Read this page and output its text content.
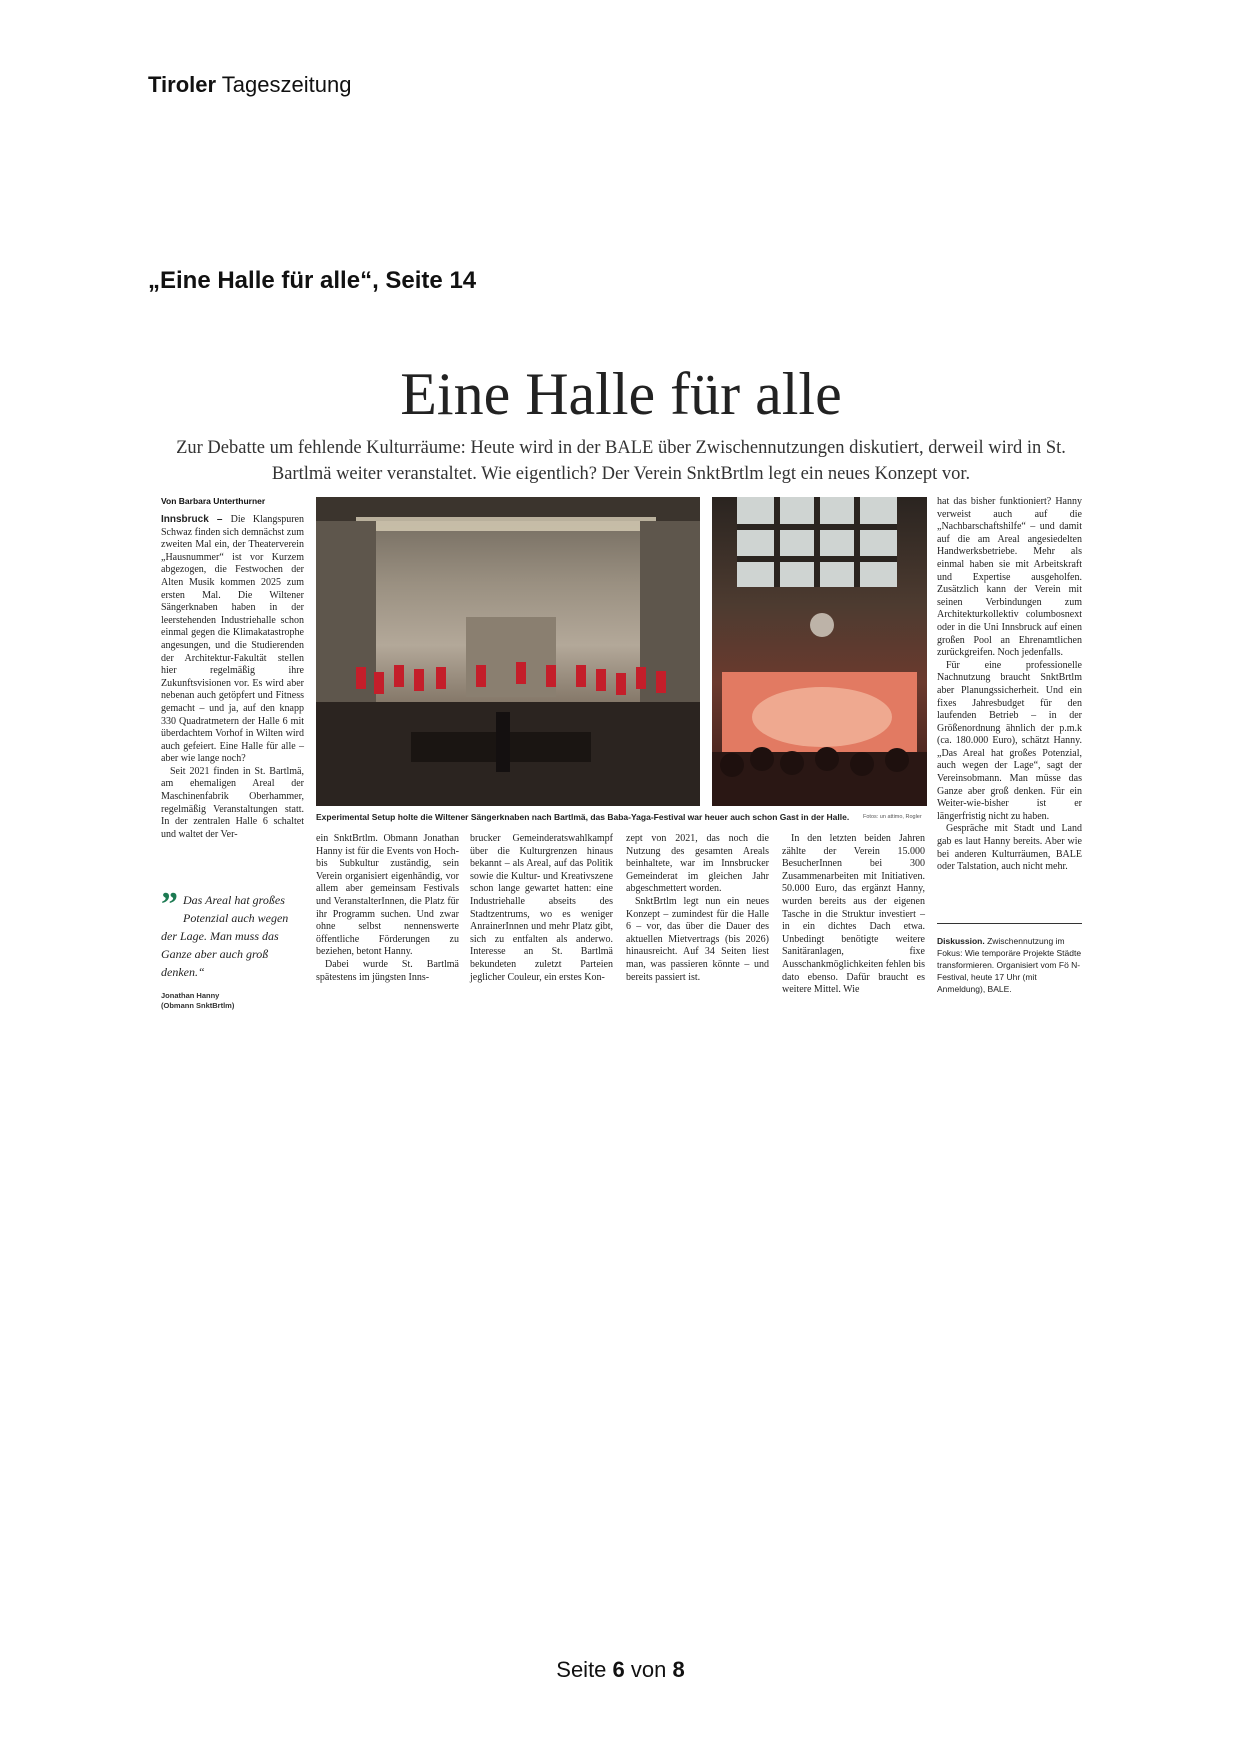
Tiroler Tageszeitung
„Eine Halle für alle“, Seite 14
Eine Halle für alle
Zur Debatte um fehlende Kulturräume: Heute wird in der BALE über Zwischennutzungen diskutiert, derweil wird in St. Bartlmä weiter veranstaltet. Wie eigentlich? Der Verein SnktBrtlm legt ein neues Konzept vor.
Von Barbara Unterthurner

Innsbruck – Die Klangspuren Schwaz finden sich demnächst zum zweiten Mal ein, der Theaterverein „Hausnummer“ ist vor Kurzem abgezogen, die Festwochen der Alten Musik kommen 2025 zum ersten Mal. Die Wiltener Sängerknaben haben in der leerstehenden Industriehalle schon einmal gegen die Klimakatastrophe angesungen, und die Studierenden der Architektur-Fakultät stellen hier regelmäßig ihre Zukunftsvisionen vor. Es wird aber nebenan auch getöpfert und Fitness gemacht – und ja, auf den knapp 330 Quadratmetern der Halle 6 mit überdachtem Vorhof in Wilten wird auch gefeiert. Eine Halle für alle – aber wie lange noch?

Seit 2021 finden in St. Bartlmä, am ehemaligen Areal der Maschinenfabrik Oberhammer, regelmäßig Veranstaltungen statt. In der zentralen Halle 6 schaltet und waltet der Ver-

” Das Areal hat großes Potenzial auch wegen der Lage. Man muss das Ganze aber auch groß denken.“
Jonathan Hanny
(Obmann SnktBrtlm)
Experimental Setup holte die Wiltener Sängerknaben nach Bartlmä, das Baba-Yaga-Festival war heuer auch schon Gast in der Halle.	Fotos: un attimo, Rogler

ein SnktBrtlm. Obmann Jonathan Hanny ist für die Events von Hoch- bis Subkultur zuständig, sein Verein organisiert eigenhändig, vor allem aber gemeinsam Festivals und VeranstalterInnen, die Platz für ihr Programm suchen. Und zwar ohne selbst nennenswerte öffentliche Förderungen zu beziehen, betont Hanny.

Dabei wurde St. Bartlmä spätestens im jüngsten Inns-

brucker Gemeinderatswahlkampf über die Kulturgrenzen hinaus bekannt – als Areal, auf das Politik sowie die Kultur- und Kreativszene schon lange gewartet hatten: eine Industriehalle abseits des Stadtzentrums, wo es weniger AnrainerInnen und mehr Platz gibt, sich zu entfalten als anderwo. Interesse an St. Bartlmä bekundeten zuletzt Parteien jeglicher Couleur, ein erstes Kon-

zept von 2021, das noch die Nutzung des gesamten Areals beinhaltete, war im Innsbrucker Gemeinderat im gleichen Jahr abgeschmettert worden.

SnktBrtlm legt nun ein neues Konzept – zumindest für die Halle 6 – vor, das über die Dauer des aktuellen Mietvertrags (bis 2026) hinausreicht. Auf 34 Seiten liest man, was passieren könnte – und bereits passiert ist.

In den letzten beiden Jahren zählte der Verein 15.000 BesucherInnen bei 300 Zusammenarbeiten mit Initiativen. 50.000 Euro, das ergänzt Hanny, wurden bereits aus der eigenen Tasche in die Struktur investiert – in ein dichtes Dach etwa. Unbedingt benötigte weitere Sanitäranlagen, fixe Ausschankmöglichkeiten fehlen bis dato ebenso. Dafür braucht es weitere Mittel. Wie

hat das bisher funktioniert? Hanny verweist auch auf die „Nachbarschaftshilfe“ – und damit auf die am Areal angesiedelten Handwerksbetriebe. Mehr als einmal haben sie mit Arbeitskraft und Expertise ausgeholfen. Zusätzlich kann der Verein mit seinen Verbindungen zum Architekturkollektiv columbosnext oder in die Uni Innsbruck auf einen großen Pool an Ehrenamtlichen zurückgreifen. Noch jedenfalls.

Für eine professionelle Nachnutzung braucht SnktBrtlm aber Planungssicherheit. Und ein fixes Jahresbudget für den laufenden Betrieb – in der Größenordnung ähnlich der p.m.k (ca. 180.000 Euro), schätzt Hanny. „Das Areal hat großes Potenzial, auch wegen der Lage“, sagt der Vereinsobmann. Man müsse das Ganze aber groß denken. Für ein Weiter-wie-bisher ist er längerfristig nicht zu haben.

Gespräche mit Stadt und Land gab es laut Hanny bereits. Aber wie bei anderen Kulturräumen, BALE oder Talstation, auch nicht mehr.

Diskussion. Zwischennutzung im Fokus: Wie temporäre Projekte Städte transformieren. Organisiert vom Fö N-Festival, heute 17 Uhr (mit Anmeldung), BALE.
Seite 6 von 8
